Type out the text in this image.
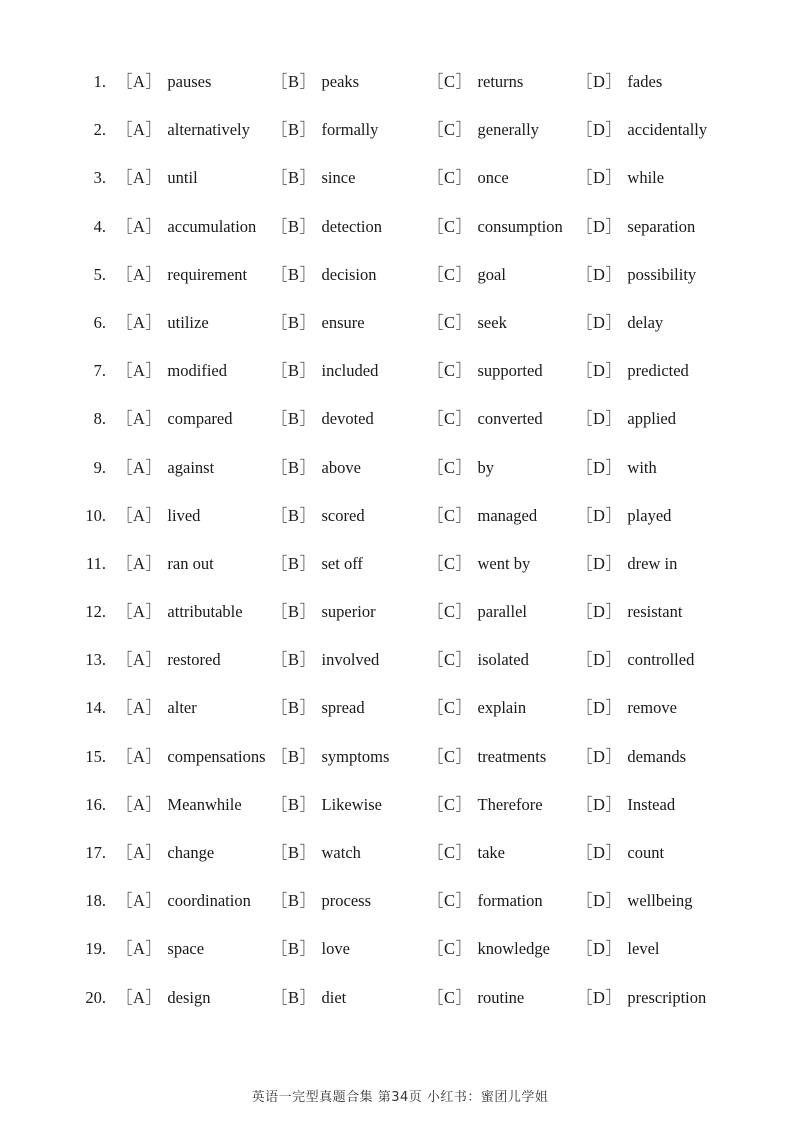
1. ［A］ pauses	［B］ peaks	［C］ returns	［D］ fades
2. ［A］ alternatively ［B］ formally	［C］ generally ［D］ accidentally
3. ［A］ until	［B］ since	［C］ once	［D］ while
4. ［A］ accumulation ［B］ detection	［C］ consumption ［D］ separation
5. ［A］ requirement ［B］ decision	［C］ goal	［D］ possibility
6. ［A］ utilize	［B］ ensure	［C］ seek	［D］ delay
7. ［A］ modified	［B］ included	［C］ supported ［D］ predicted
8. ［A］ compared ［B］ devoted	［C］ converted ［D］ applied
9. ［A］ against	［B］ above	［C］ by	［D］ with
10. ［A］ lived	［B］ scored	［C］ managed ［D］ played
11. ［A］ ran out	［B］ set off	［C］ went by	［D］ drew in
12. ［A］ attributable ［B］ superior	［C］ parallel	［D］ resistant
13. ［A］ restored	［B］ involved	［C］ isolated	［D］ controlled
14. ［A］ alter	［B］ spread	［C］ explain	［D］ remove
15. ［A］ compensations ［B］ symptoms ［C］ treatments ［D］ demands
16. ［A］ Meanwhile ［B］ Likewise	［C］ Therefore ［D］ Instead
17. ［A］ change	［B］ watch	［C］ take	［D］ count
18. ［A］ coordination ［B］ process	［C］ formation ［D］ wellbeing
19. ［A］ space	［B］ love	［C］ knowledge ［D］ level
20. ［A］ design	［B］ diet	［C］ routine	［D］ prescription
英语一完型真题合集 第34页 小红书：蜜团儿学姐
